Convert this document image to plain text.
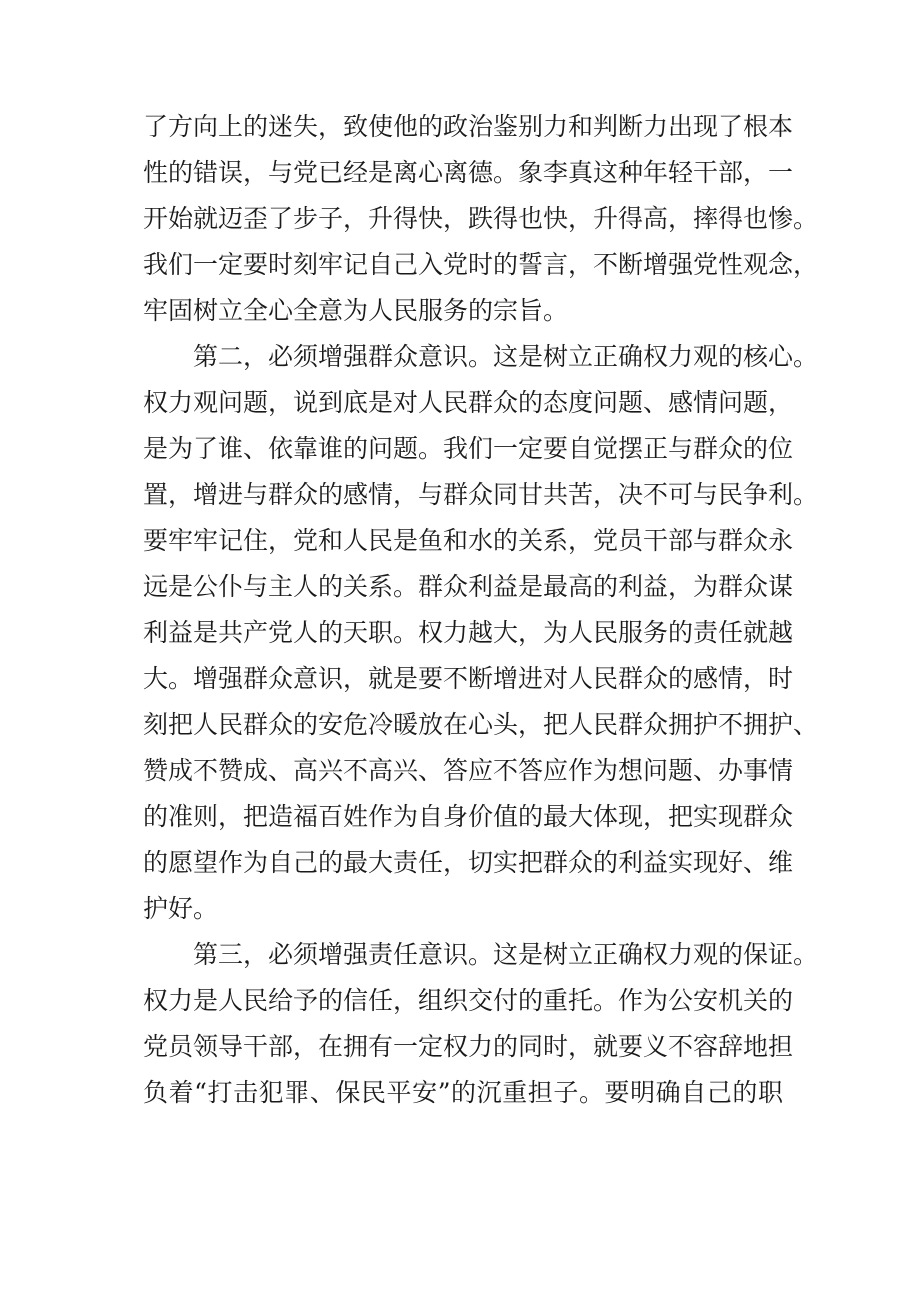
了方向上的迷失，致使他的政治鉴别力和判断力出现了根本
性的错误，与党已经是离心离德。象李真这种年轻干部，一
开始就迈歪了步子，升得快，跌得也快，升得高，摔得也惨。
我们一定要时刻牢记自己入党时的誓言，不断增强党性观念，
牢固树立全心全意为人民服务的宗旨。
第二，必须增强群众意识。这是树立正确权力观的核心。
权力观问题，说到底是对人民群众的态度问题、感情问题，
是为了谁、依靠谁的问题。我们一定要自觉摆正与群众的位
置，增进与群众的感情，与群众同甘共苦，决不可与民争利。
要牢牢记住，党和人民是鱼和水的关系，党员干部与群众永
远是公仆与主人的关系。群众利益是最高的利益，为群众谋
利益是共产党人的天职。权力越大，为人民服务的责任就越
大。增强群众意识，就是要不断增进对人民群众的感情，时
刻把人民群众的安危冷暖放在心头，把人民群众拥护不拥护、
赞成不赞成、高兴不高兴、答应不答应作为想问题、办事情
的准则，把造福百姓作为自身价值的最大体现，把实现群众
的愿望作为自己的最大责任，切实把群众的利益实现好、维
护好。
第三，必须增强责任意识。这是树立正确权力观的保证。
权力是人民给予的信任，组织交付的重托。作为公安机关的
党员领导干部，在拥有一定权力的同时，就要义不容辞地担
负着“打击犯罪、保民平安”的沉重担子。要明确自己的职
